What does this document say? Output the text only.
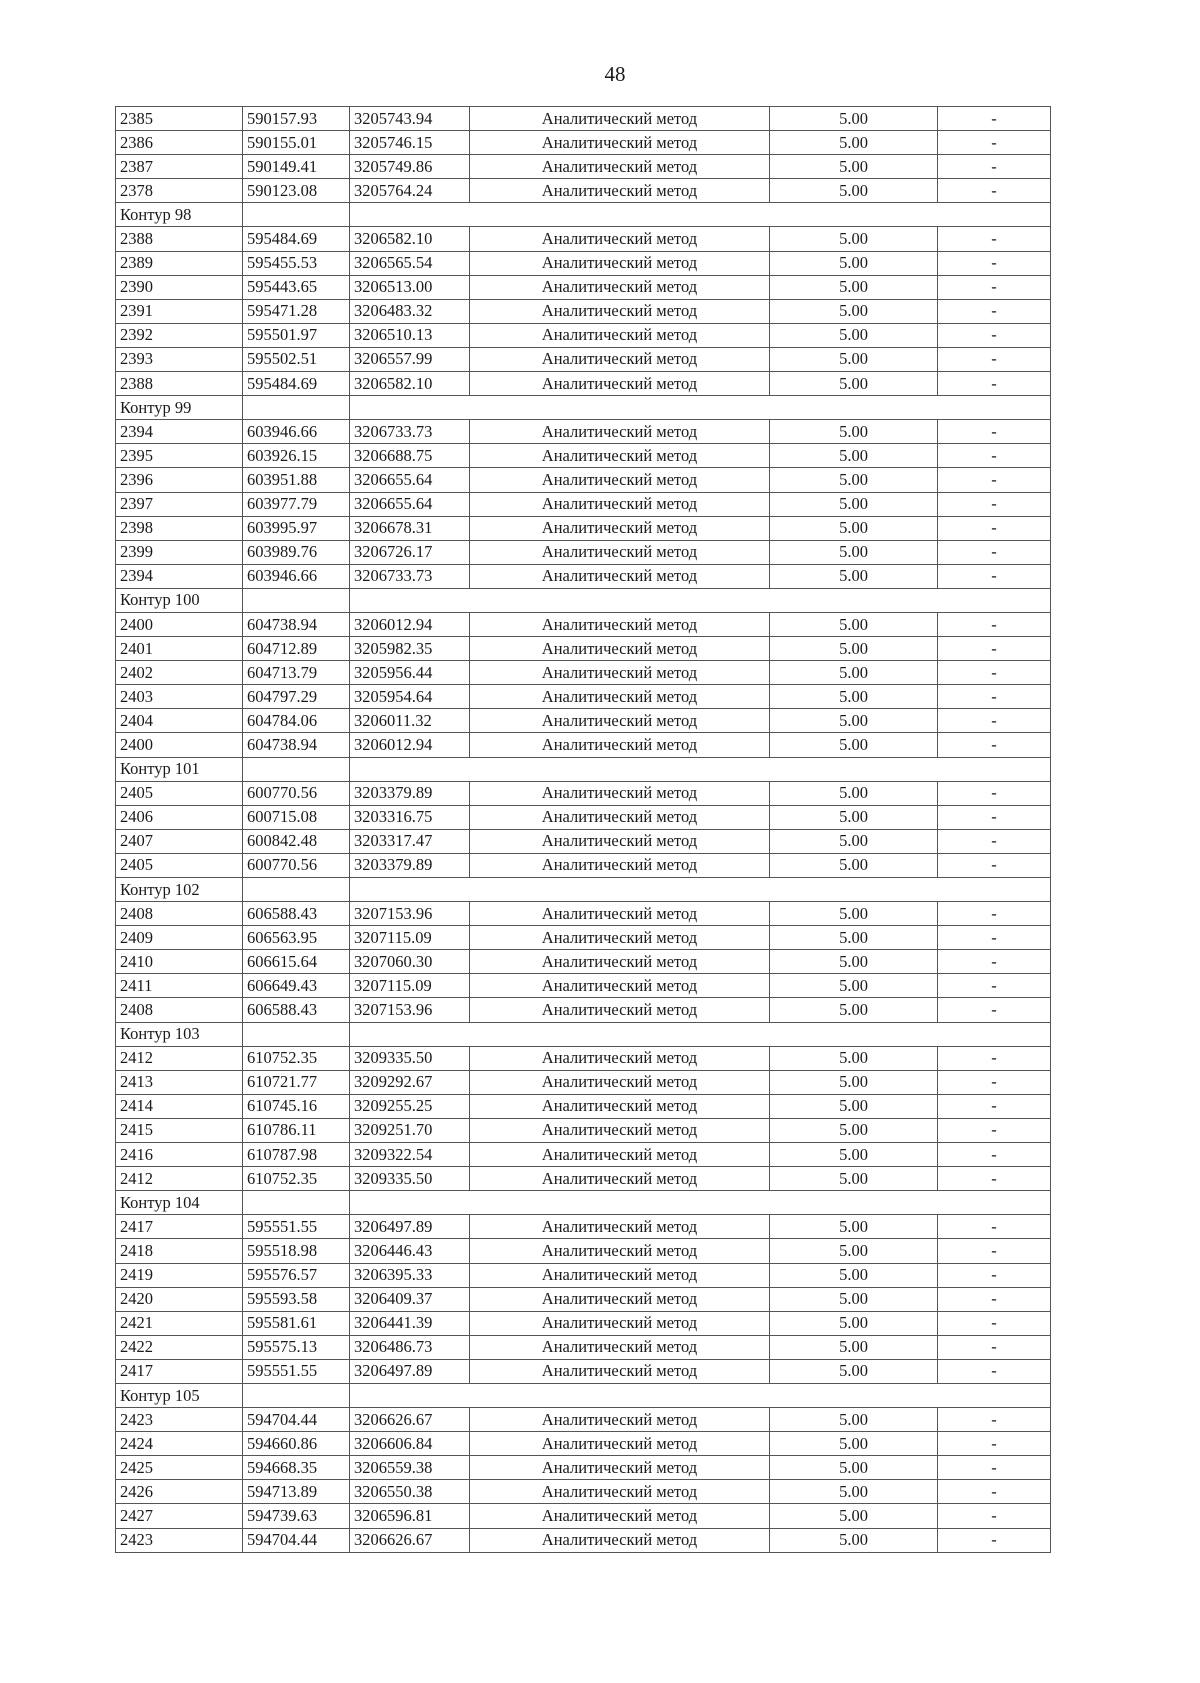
48
2385	590157.93	3205743.94	Аналитический метод	5.00	-
2386	590155.01	3205746.15	Аналитический метод	5.00	-
2387	590149.41	3205749.86	Аналитический метод	5.00	-
2378	590123.08	3205764.24	Аналитический метод	5.00	-
Контур 98					
2388	595484.69	3206582.10	Аналитический метод	5.00	-
2389	595455.53	3206565.54	Аналитический метод	5.00	-
2390	595443.65	3206513.00	Аналитический метод	5.00	-
2391	595471.28	3206483.32	Аналитический метод	5.00	-
2392	595501.97	3206510.13	Аналитический метод	5.00	-
2393	595502.51	3206557.99	Аналитический метод	5.00	-
2388	595484.69	3206582.10	Аналитический метод	5.00	-
Контур 99					
2394	603946.66	3206733.73	Аналитический метод	5.00	-
2395	603926.15	3206688.75	Аналитический метод	5.00	-
2396	603951.88	3206655.64	Аналитический метод	5.00	-
2397	603977.79	3206655.64	Аналитический метод	5.00	-
2398	603995.97	3206678.31	Аналитический метод	5.00	-
2399	603989.76	3206726.17	Аналитический метод	5.00	-
2394	603946.66	3206733.73	Аналитический метод	5.00	-
Контур 100					
2400	604738.94	3206012.94	Аналитический метод	5.00	-
2401	604712.89	3205982.35	Аналитический метод	5.00	-
2402	604713.79	3205956.44	Аналитический метод	5.00	-
2403	604797.29	3205954.64	Аналитический метод	5.00	-
2404	604784.06	3206011.32	Аналитический метод	5.00	-
2400	604738.94	3206012.94	Аналитический метод	5.00	-
Контур 101					
2405	600770.56	3203379.89	Аналитический метод	5.00	-
2406	600715.08	3203316.75	Аналитический метод	5.00	-
2407	600842.48	3203317.47	Аналитический метод	5.00	-
2405	600770.56	3203379.89	Аналитический метод	5.00	-
Контур 102					
2408	606588.43	3207153.96	Аналитический метод	5.00	-
2409	606563.95	3207115.09	Аналитический метод	5.00	-
2410	606615.64	3207060.30	Аналитический метод	5.00	-
2411	606649.43	3207115.09	Аналитический метод	5.00	-
2408	606588.43	3207153.96	Аналитический метод	5.00	-
Контур 103					
2412	610752.35	3209335.50	Аналитический метод	5.00	-
2413	610721.77	3209292.67	Аналитический метод	5.00	-
2414	610745.16	3209255.25	Аналитический метод	5.00	-
2415	610786.11	3209251.70	Аналитический метод	5.00	-
2416	610787.98	3209322.54	Аналитический метод	5.00	-
2412	610752.35	3209335.50	Аналитический метод	5.00	-
Контур 104					
2417	595551.55	3206497.89	Аналитический метод	5.00	-
2418	595518.98	3206446.43	Аналитический метод	5.00	-
2419	595576.57	3206395.33	Аналитический метод	5.00	-
2420	595593.58	3206409.37	Аналитический метод	5.00	-
2421	595581.61	3206441.39	Аналитический метод	5.00	-
2422	595575.13	3206486.73	Аналитический метод	5.00	-
2417	595551.55	3206497.89	Аналитический метод	5.00	-
Контур 105					
2423	594704.44	3206626.67	Аналитический метод	5.00	-
2424	594660.86	3206606.84	Аналитический метод	5.00	-
2425	594668.35	3206559.38	Аналитический метод	5.00	-
2426	594713.89	3206550.38	Аналитический метод	5.00	-
2427	594739.63	3206596.81	Аналитический метод	5.00	-
2423	594704.44	3206626.67	Аналитический метод	5.00	-
